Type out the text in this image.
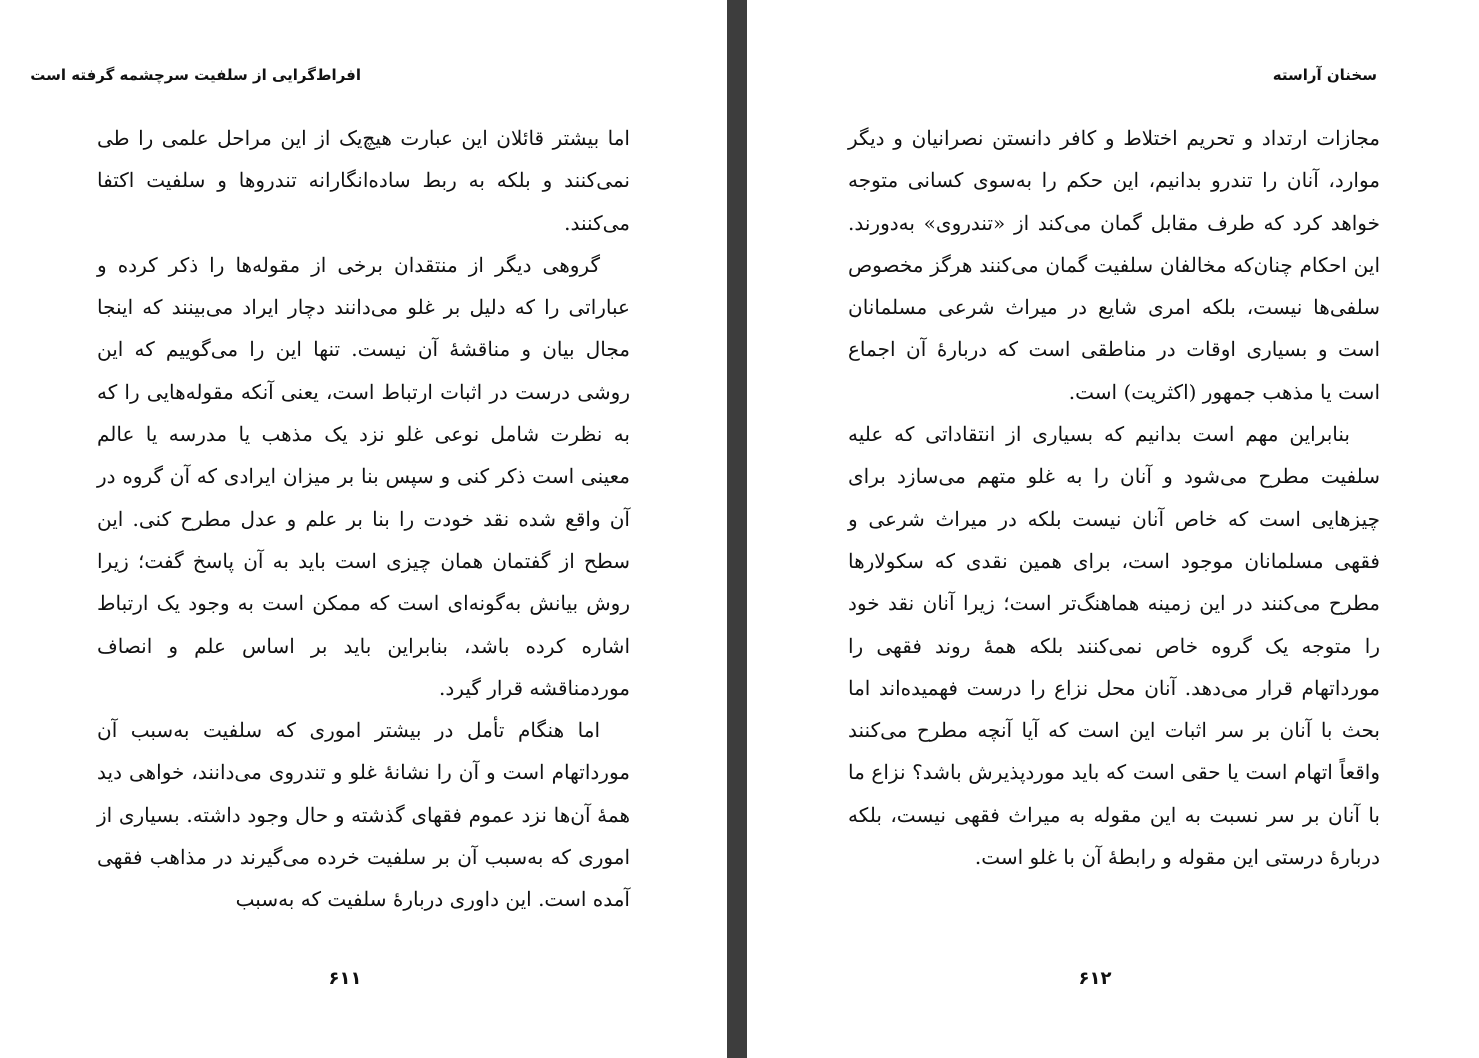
افراط‌گرایی از سلفیت سرچشمه گرفته است

اما بیشتر قائلان این عبارت هیچ‌یک از این مراحل علمی را طی نمی‌کنند و بلکه به ربط ساده‌انگارانه تندروها و سلفیت اکتفا می‌کنند.

گروهی دیگر از منتقدان برخی از مقوله‌ها را ذکر کرده و عباراتی را که دلیل بر غلو می‌دانند دچار ایراد می‌بینند که اینجا مجال بیان و مناقشهٔ آن نیست. تنها این را می‌گوییم که این روشی درست در اثبات ارتباط است، یعنی آنکه مقوله‌هایی را که به نظرت شامل نوعی غلو نزد یک مذهب یا مدرسه یا عالم معینی است ذکر کنی و سپس بنا بر میزان ایرادی که آن گروه در آن واقع شده نقد خودت را بنا بر علم و عدل مطرح کنی. این سطح از گفتمان همان چیزی است باید به آن پاسخ گفت؛ زیرا روش بیانش به‌گونه‌ای است که ممکن است به وجود یک ارتباط اشاره کرده باشد، بنابراین باید بر اساس علم و انصاف موردمناقشه قرار گیرد.

اما هنگام تأمل در بیشتر اموری که سلفیت به‌سبب آن مورداتهام است و آن را نشانهٔ غلو و تندروی می‌دانند، خواهی دید همهٔ آن‌ها نزد عموم فقهای گذشته و حال وجود داشته. بسیاری از اموری که به‌سبب آن بر سلفیت خرده می‌گیرند در مذاهب فقهی آمده است. این داوری دربارهٔ سلفیت که به‌سبب

۶۱۱
سخنان آراسته

مجازات ارتداد و تحریم اختلاط و کافر دانستن نصرانیان و دیگر موارد، آنان را تندرو بدانیم، این حکم را به‌سوی کسانی متوجه خواهد کرد که طرف مقابل گمان می‌کند از «تندروی» به‌دورند. این احکام چنان‌که مخالفان سلفیت گمان می‌کنند هرگز مخصوص سلفی‌ها نیست، بلکه امری شایع در میراث شرعی مسلمانان است و بسیاری اوقات در مناطقی است که دربارهٔ آن اجماع است یا مذهب جمهور (اکثریت) است.

بنابراین مهم است بدانیم که بسیاری از انتقاداتی که علیه سلفیت مطرح می‌شود و آنان را به غلو متهم می‌سازد برای چیزهایی است که خاص آنان نیست بلکه در میراث شرعی و فقهی مسلمانان موجود است، برای همین نقدی که سکولارها مطرح می‌کنند در این زمینه هماهنگ‌تر است؛ زیرا آنان نقد خود را متوجه یک گروه خاص نمی‌کنند بلکه همهٔ روند فقهی را مورداتهام قرار می‌دهد. آنان محل نزاع را درست فهمیده‌اند اما بحث با آنان بر سر اثبات این است که آیا آنچه مطرح می‌کنند واقعاً اتهام است یا حقی است که باید موردپذیرش باشد؟ نزاع ما با آنان بر سر نسبت به این مقوله به میراث فقهی نیست، بلکه دربارهٔ درستی این مقوله و رابطهٔ آن با غلو است.

۶۱۲
